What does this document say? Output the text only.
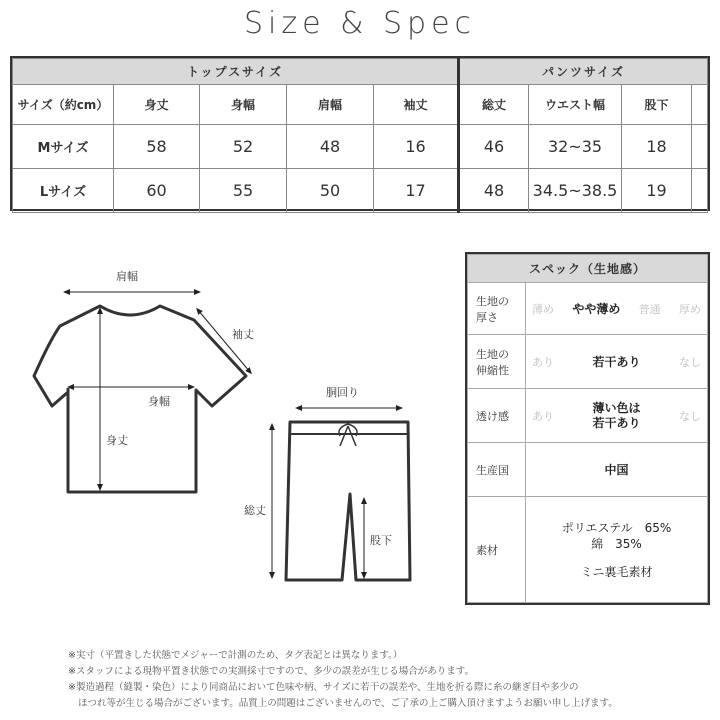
Size & Spec
トップスサイズ					パンツサイズ			
サイズ（約cm）	身丈	身幅	肩幅	袖丈	総丈	ウエスト幅	股下	
Mサイズ	58	52	48	16	46	32~35	18	
Lサイズ	60	55	50	17	48	34.5~38.5	19	
肩幅
袖丈
身幅
身丈
胴回り
総丈
股下
スペック（生地感）	
生地の
厚さ	薄め やや薄め 普通 厚め

生地の
伸縮性	あり 若干あり なし

透け感	あり
薄い色は
若干あり なし

生産国	中国
素材	ポリエステル　65%
綿　35%
ミニ裏毛素材
※実寸（平置きした状態でメジャーで計測のため、タグ表記とは異なります。）
※スタッフによる現物平置き状態での実測採寸ですので、多少の誤差が生じる場合があります。
※製造過程（縫製・染色）により同商品において色味や柄、サイズに若干の誤差や、生地を折る際に糸の継ぎ目や多少の
ほつれ等が生じる場合がございます。品質上の問題はございませんので、ご了承の上ご購入頂けますようお願い申し上げます。
